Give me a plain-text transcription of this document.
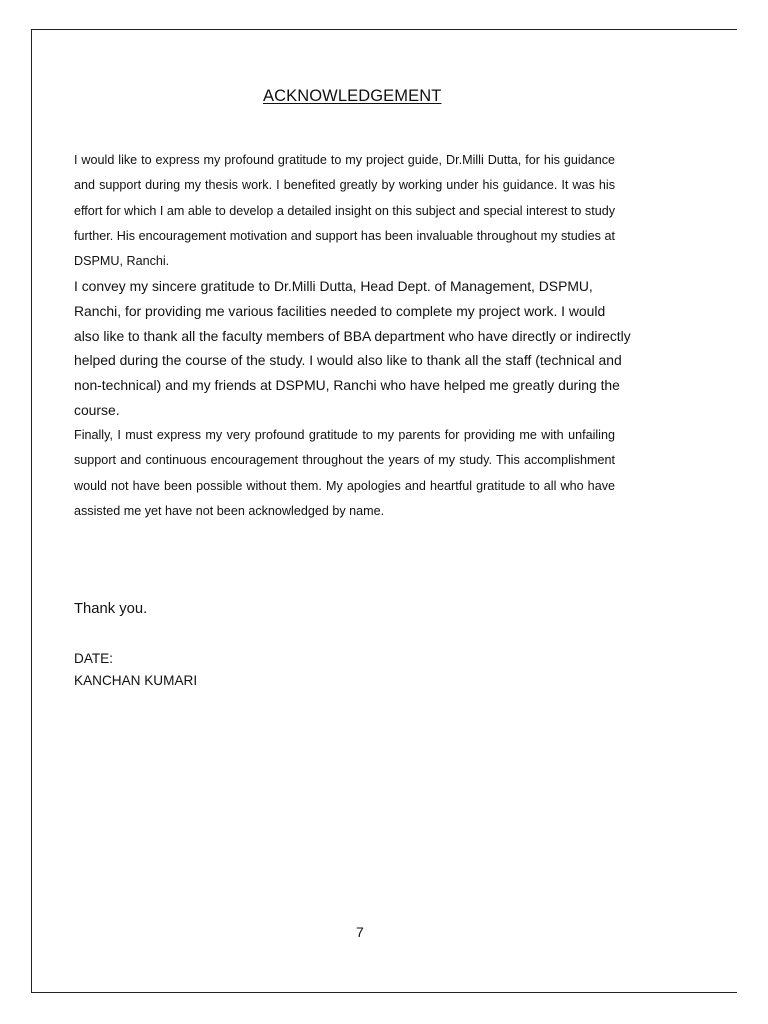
ACKNOWLEDGEMENT

I would like to express my profound gratitude to my project guide, Dr.Milli Dutta, for his guidance and support during my thesis work. I benefited greatly by working under his guidance. It was his effort for which I am able to develop a detailed insight on this subject and special interest to study further. His encouragement motivation and support has been invaluable throughout my studies at DSPMU, Ranchi.

I convey my sincere gratitude to Dr.Milli Dutta, Head Dept. of Management, DSPMU, Ranchi, for providing me various facilities needed to complete my project work. I would also like to thank all the faculty members of BBA department who have directly or indirectly helped during the course of the study. I would also like to thank all the staff (technical and non-technical) and my friends at DSPMU, Ranchi who have helped me greatly during the course.

Finally, I must express my very profound gratitude to my parents for providing me with unfailing support and continuous encouragement throughout the years of my study. This accomplishment would not have been possible without them. My apologies and heartful gratitude to all who have assisted me yet have not been acknowledged by name.

Thank you.
DATE:
KANCHAN KUMARI
7
